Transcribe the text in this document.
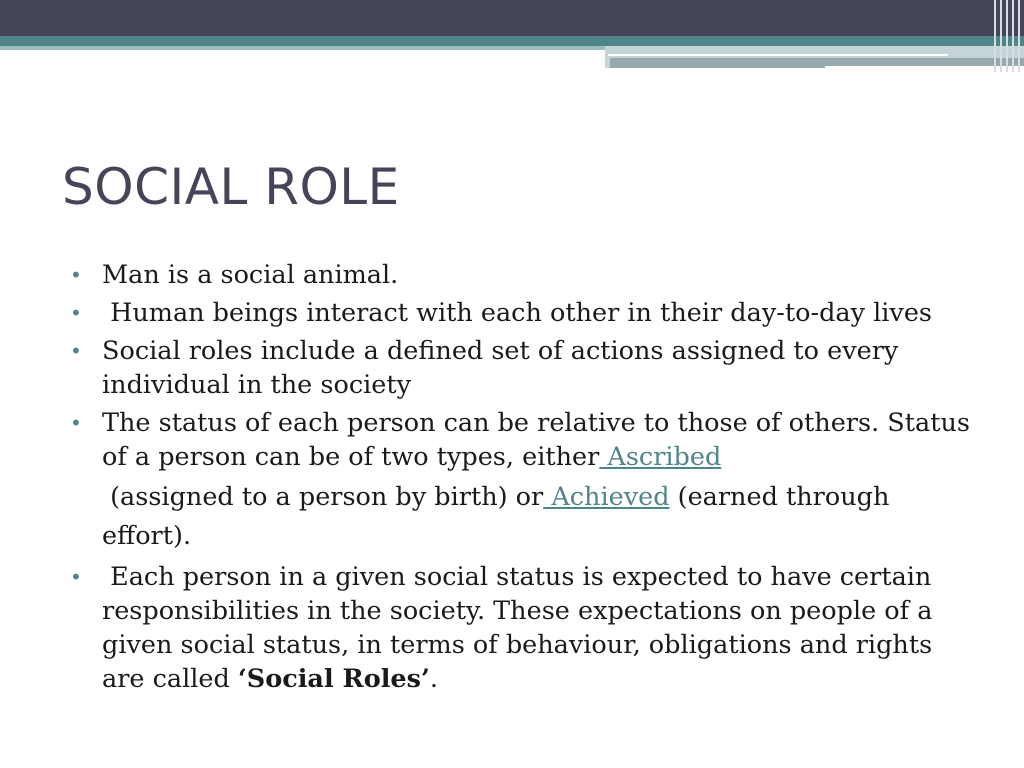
SOCIAL ROLE
• Man is a social animal.
• Human beings interact with each other in their day-to-day lives
• Social roles include a defined set of actions assigned to every individual in the society
• The status of each person can be relative to those of others. Status of a person can be of two types, either Ascribed
(assigned to a person by birth) or Achieved (earned through effort).
• Each person in a given social status is expected to have certain responsibilities in the society. These expectations on people of a given social status, in terms of behaviour, obligations and rights are called ‘Social Roles’.
